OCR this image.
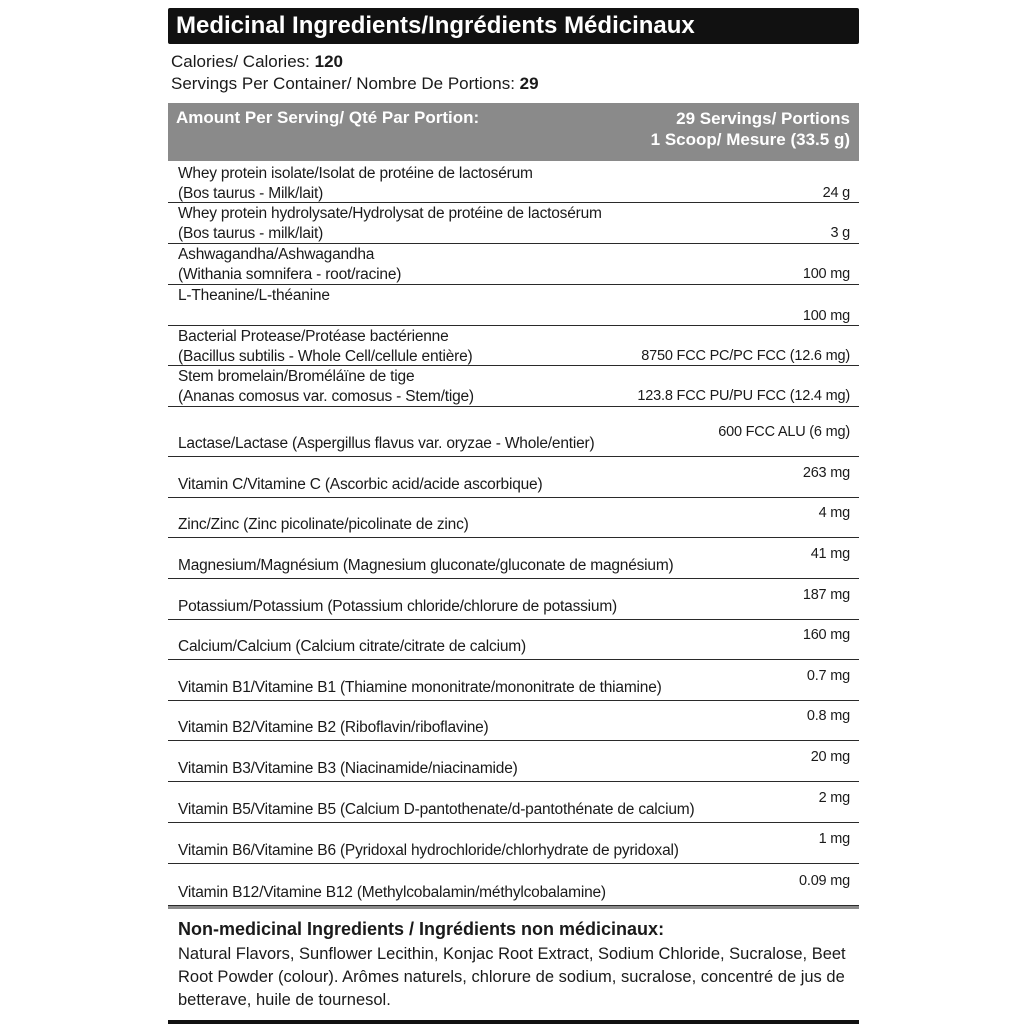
Medicinal Ingredients/Ingrédients Médicinaux
Calories/ Calories: 120
Servings Per Container/ Nombre De Portions: 29
Amount Per Serving/ Qté Par Portion:	29 Servings/ Portions
1 Scoop/ Mesure (33.5 g)
Whey protein isolate/Isolat de protéine de lactosérum
(Bos taurus - Milk/lait)	24 g
Whey protein hydrolysate/Hydrolysat de protéine de lactosérum
(Bos taurus - milk/lait)	3 g
Ashwagandha/Ashwagandha
(Withania somnifera - root/racine)	100 mg
L-Theanine/L-théanine
100 mg
Bacterial Protease/Protéase bactérienne
(Bacillus subtilis - Whole Cell/cellule entière)	8750 FCC PC/PC FCC (12.6 mg)
Stem bromelain/Broméláïne de tige
(Ananas comosus var. comosus - Stem/tige)	123.8 FCC PU/PU FCC (12.4 mg)
Lactase/Lactase (Aspergillus flavus var. oryzae - Whole/entier)
600 FCC ALU (6 mg)
Vitamin C/Vitamine C (Ascorbic acid/acide ascorbique)
263 mg
Zinc/Zinc (Zinc picolinate/picolinate de zinc)
4 mg
Magnesium/Magnésium (Magnesium gluconate/gluconate de magnésium)
41 mg
Potassium/Potassium (Potassium chloride/chlorure de potassium)
187 mg
Calcium/Calcium (Calcium citrate/citrate de calcium)
160 mg
Vitamin B1/Vitamine B1 (Thiamine mononitrate/mononitrate de thiamine)
0.7 mg
Vitamin B2/Vitamine B2 (Riboflavin/riboflavine)
0.8 mg
Vitamin B3/Vitamine B3 (Niacinamide/niacinamide)
20 mg
Vitamin B5/Vitamine B5 (Calcium D-pantothenate/d-pantothénate de calcium)
2 mg
Vitamin B6/Vitamine B6 (Pyridoxal hydrochloride/chlorhydrate de pyridoxal)
1 mg
Vitamin B12/Vitamine B12 (Methylcobalamin/méthylcobalamine)
0.09 mg
Non-medicinal Ingredients / Ingrédients non médicinaux:
Natural Flavors, Sunflower Lecithin, Konjac Root Extract, Sodium Chloride, Sucralose, Beet Root Powder (colour). Arômes naturels, chlorure de sodium, sucralose, concentré de jus de betterave, huile de tournesol.
